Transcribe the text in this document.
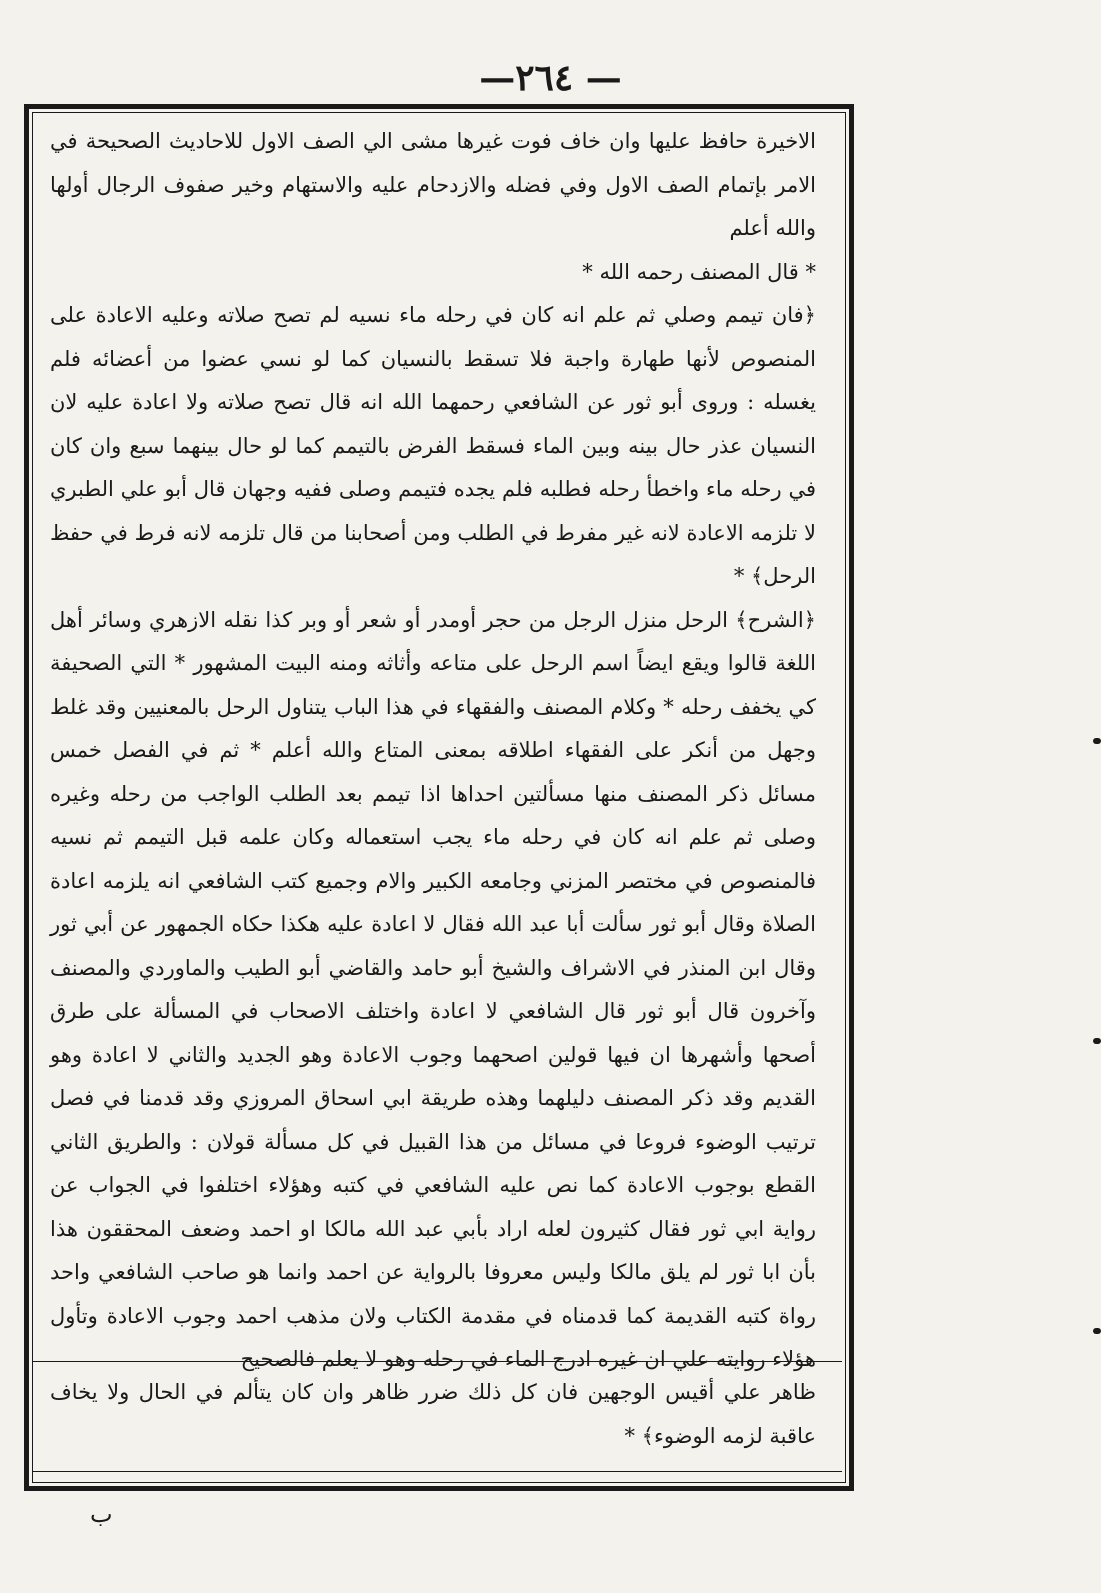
—٢٦٤ —

الاخيرة حافظ عليها وان خاف فوت غيرها مشى الي الصف الاول للاحاديث الصحيحة في الامر بإتمام الصف الاول وفي فضله والازدحام عليه والاستهام وخير صفوف الرجال أولها والله أعلم

* قال المصنف رحمه الله *

﴿فان تيمم وصلي ثم علم انه كان في رحله ماء نسيه لم تصح صلاته وعليه الاعادة على المنصوص لأنها طهارة واجبة فلا تسقط بالنسيان كما لو نسي عضوا من أعضائه فلم يغسله : وروى أبو ثور عن الشافعي رحمهما الله انه قال تصح صلاته ولا اعادة عليه لان النسيان عذر حال بينه وبين الماء فسقط الفرض بالتيمم كما لو حال بينهما سبع وان كان في رحله ماء واخطأ رحله فطلبه فلم يجده فتيمم وصلى ففيه وجهان قال أبو علي الطبري لا تلزمه الاعادة لانه غير مفرط في الطلب ومن أصحابنا من قال تلزمه لانه فرط في حفظ الرحل﴾ *

﴿الشرح﴾ الرحل منزل الرجل من حجر أومدر أو شعر أو وبر كذا نقله الازهري وسائر أهل اللغة قالوا ويقع ايضاً اسم الرحل على متاعه وأثاثه ومنه البيت المشهور * التي الصحيفة كي يخفف رحله * وكلام المصنف والفقهاء في هذا الباب يتناول الرحل بالمعنيين وقد غلط وجهل من أنكر على الفقهاء اطلاقه بمعنى المتاع والله أعلم * ثم في الفصل خمس مسائل ذكر المصنف منها مسألتين احداها اذا تيمم بعد الطلب الواجب من رحله وغيره وصلى ثم علم انه كان في رحله ماء يجب استعماله وكان علمه قبل التيمم ثم نسيه فالمنصوص في مختصر المزني وجامعه الكبير والام وجميع كتب الشافعي انه يلزمه اعادة الصلاة وقال أبو ثور سألت أبا عبد الله فقال لا اعادة عليه هكذا حكاه الجمهور عن أبي ثور وقال ابن المنذر في الاشراف والشيخ أبو حامد والقاضي أبو الطيب والماوردي والمصنف وآخرون قال أبو ثور قال الشافعي لا اعادة واختلف الاصحاب في المسألة على طرق أصحها وأشهرها ان فيها قولين اصحهما وجوب الاعادة وهو الجديد والثاني لا اعادة وهو القديم وقد ذكر المصنف دليلهما وهذه طريقة ابي اسحاق المروزي وقد قدمنا في فصل ترتيب الوضوء فروعا في مسائل من هذا القبيل في كل مسألة قولان : والطريق الثاني القطع بوجوب الاعادة كما نص عليه الشافعي في كتبه وهؤلاء اختلفوا في الجواب عن رواية ابي ثور فقال كثيرون لعله اراد بأبي عبد الله مالكا او احمد وضعف المحققون هذا بأن ابا ثور لم يلق مالكا وليس معروفا بالرواية عن احمد وانما هو صاحب الشافعي واحد رواة كتبه القديمة كما قدمناه في مقدمة الكتاب ولان مذهب احمد وجوب الاعادة وتأول هؤلاء روايته علي ان غيره ادرج الماء في رحله وهو لا يعلم فالصحيح

ظاهر علي أقيس الوجهين فان كل ذلك ضرر ظاهر وان كان يتألم في الحال ولا يخاف عاقبة لزمه الوضوء﴾ *

ب
